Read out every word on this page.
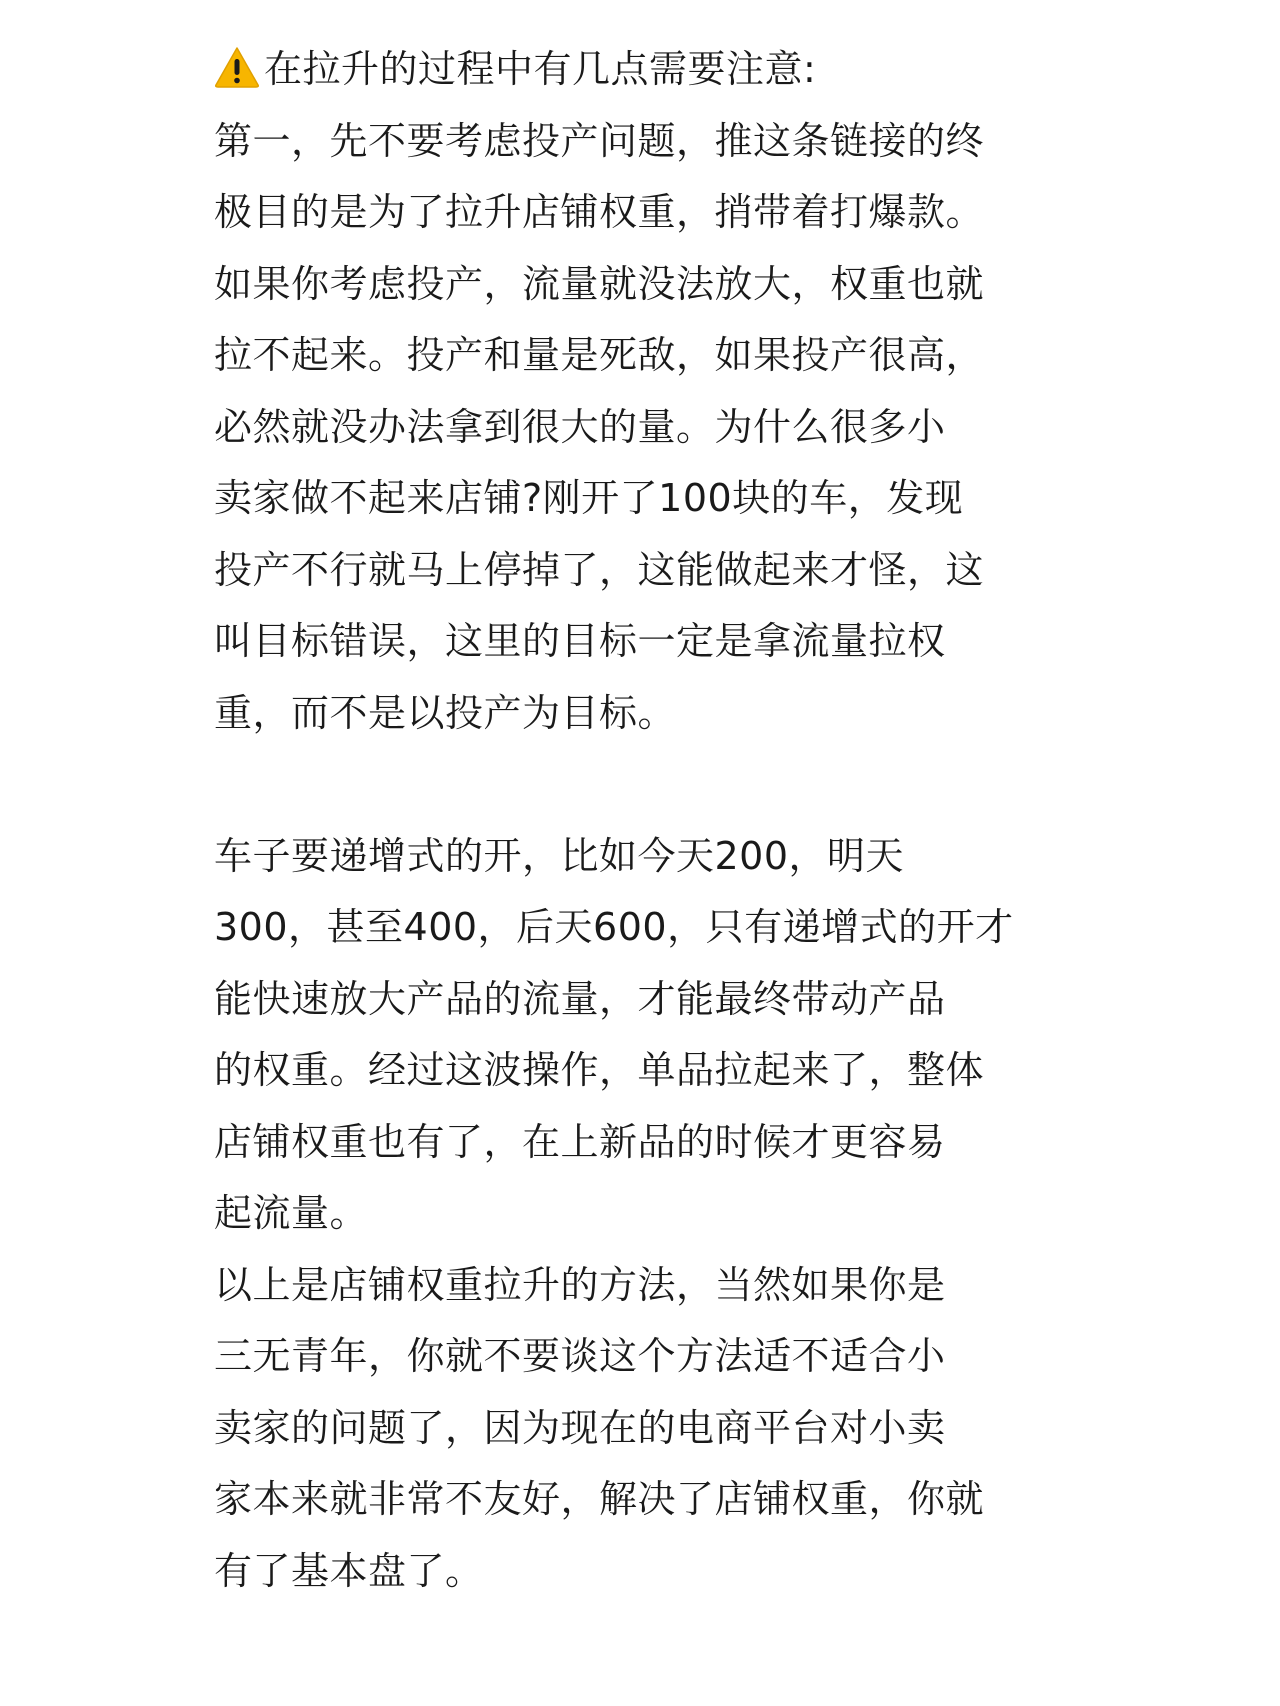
在拉升的过程中有几点需要注意:
第一，先不要考虑投产问题，推这条链接的终
极目的是为了拉升店铺权重，捎带着打爆款。
如果你考虑投产，流量就没法放大，权重也就
拉不起来。投产和量是死敌，如果投产很高，
必然就没办法拿到很大的量。为什么很多小
卖家做不起来店铺?刚开了100块的车，发现
投产不行就马上停掉了，这能做起来才怪，这
叫目标错误，这里的目标一定是拿流量拉权
重，而不是以投产为目标。
车子要递增式的开，比如今天200，明天
300，甚至400，后天600，只有递增式的开才
能快速放大产品的流量，才能最终带动产品
的权重。经过这波操作，单品拉起来了，整体
店铺权重也有了，在上新品的时候才更容易
起流量。
以上是店铺权重拉升的方法，当然如果你是
三无青年，你就不要谈这个方法适不适合小
卖家的问题了，因为现在的电商平台对小卖
家本来就非常不友好，解决了店铺权重，你就
有了基本盘了。
